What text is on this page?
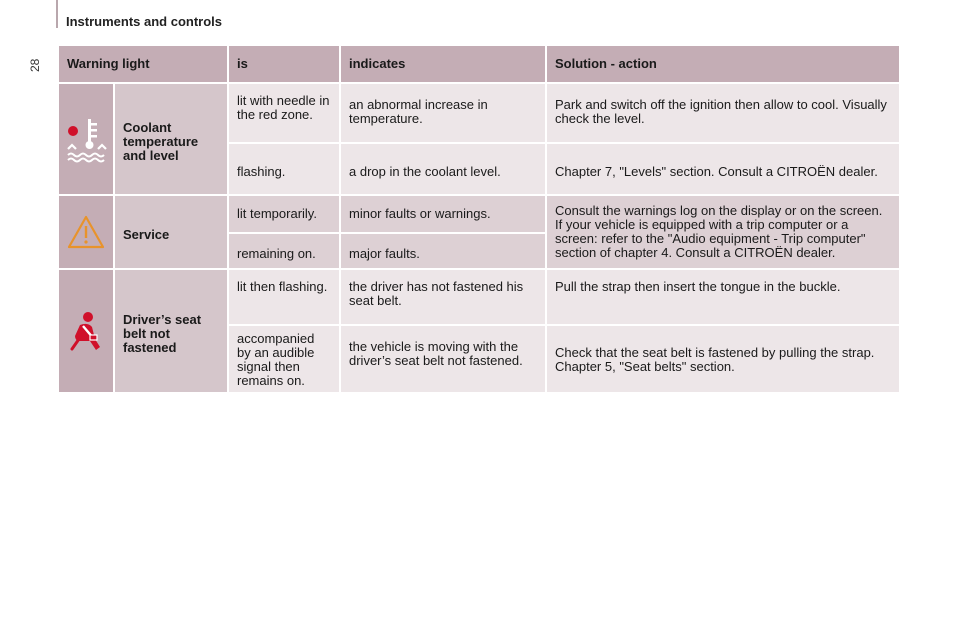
Instruments and controls
28 Warning light		is	indicates	Solution - action

Coolant temperature and level	lit with needle in the red zone.	an abnormal increase in temperature.	Park and switch off the ignition then allow to cool. Visually check the level.
		flashing.	a drop in the coolant level.	Chapter 7, "Levels" section. Consult a CITROËN dealer.

Service	lit temporarily.	minor faults or warnings.	Consult the warnings log on the display or on the screen. If your vehicle is equipped with a trip computer or a screen: refer to the "Audio equipment - Trip computer" section of chapter 4. Consult a CITROËN dealer.
		remaining on.	major faults.	

Driver’s seat belt not fastened	lit then flashing.	the driver has not fastened his seat belt.	Pull the strap then insert the tongue in the buckle.
		accompanied by an audible signal then remains on.	the vehicle is moving with the driver’s seat belt not fastened.	Check that the seat belt is fastened by pulling the strap. Chapter 5, "Seat belts" section.
